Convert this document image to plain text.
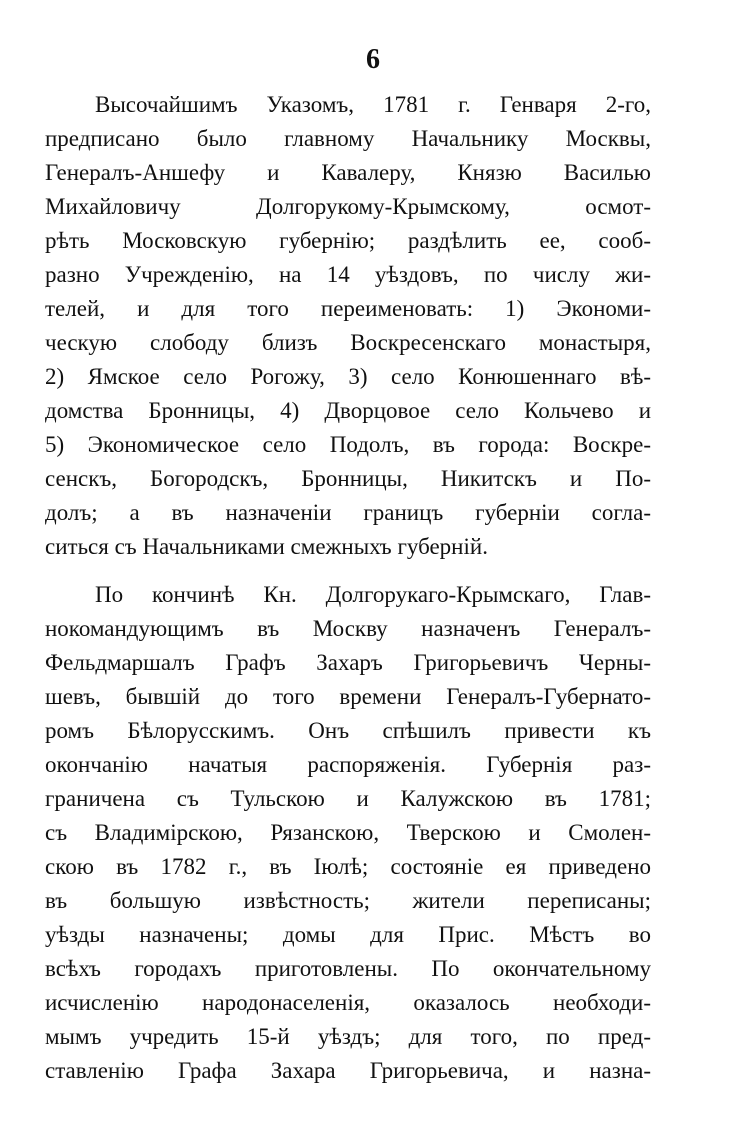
6
Высочайшимъ Указомъ, 1781 г. Генваря 2-го,
предписано было главному Начальнику Москвы,
Генералъ-Аншефу и Кавалеру, Князю Василью
Михайловичу Долгорукому-Крымскому, осмот-
рѣть Московскую губернію; раздѣлить ее, сооб-
разно Учрежденію, на 14 уѣздовъ, по числу жи-
телей, и для того переименовать: 1) Экономи-
ческую слободу близъ Воскресенскаго монастыря,
2) Ямское село Рогожу, 3) село Конюшеннаго вѣ-
домства Бронницы, 4) Дворцовое село Кольчево и
5) Экономическое село Подолъ, въ города: Воскре-
сенскъ, Богородскъ, Бронницы, Никитскъ и По-
долъ; а въ назначеніи границъ губерніи согла-
ситься съ Начальниками смежныхъ губерній.
По кончинѣ Кн. Долгорукаго-Крымскаго, Глав-
нокомандующимъ въ Москву назначенъ Генералъ-
Фельдмаршалъ Графъ Захаръ Григорьевичъ Черны-
шевъ, бывшій до того времени Генералъ-Губернато-
ромъ Бѣлорусскимъ. Онъ спѣшилъ привести къ
окончанію начатыя распоряженія. Губернія раз-
граничена съ Тульскою и Калужскою въ 1781;
съ Владимірскою, Рязанскою, Тверскою и Смолен-
скою въ 1782 г., въ Іюлѣ; состояніе ея приведено
въ большую извѣстность; жители переписаны;
уѣзды назначены; домы для Прис. Мѣстъ во
всѣхъ городахъ приготовлены. По окончательному
исчисленію народонаселенія, оказалось необходи-
мымъ учредить 15-й уѣздъ; для того, по пред-
ставленію Графа Захара Григорьевича, и назна-
